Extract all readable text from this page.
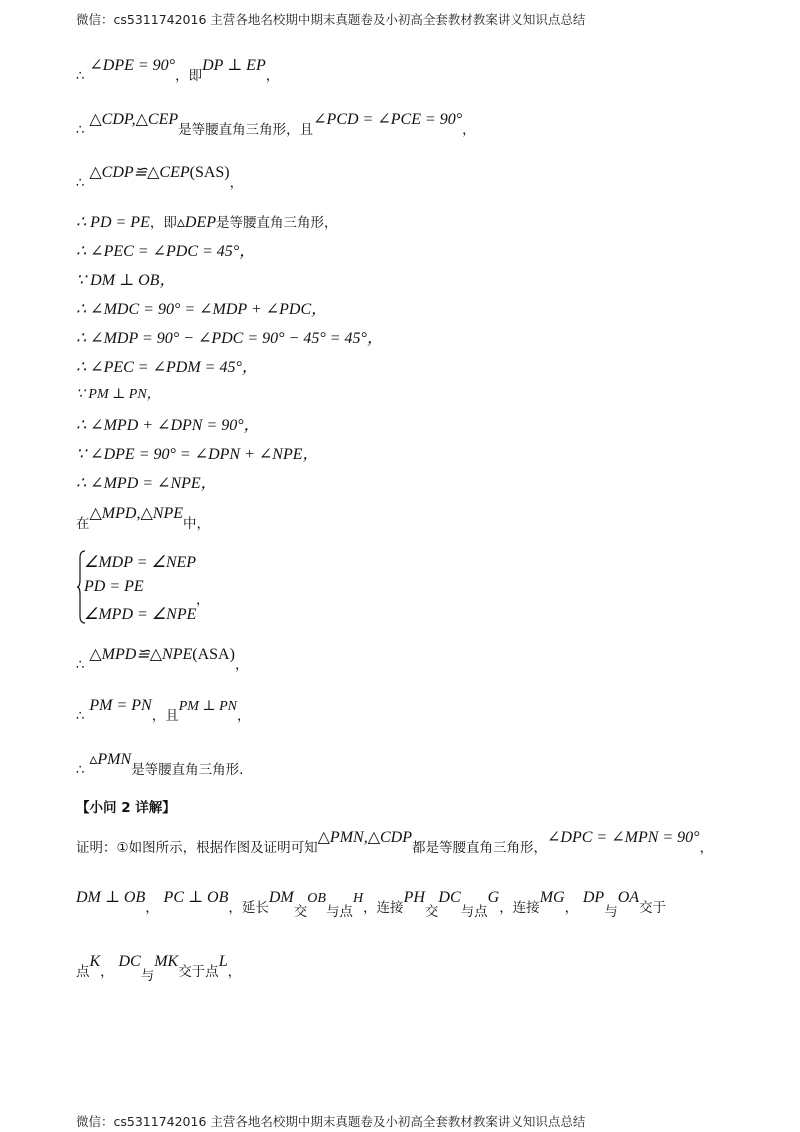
微信：cs5311742016 主营各地名校期中期末真题卷及小初高全套教材教案讲义知识点总结
∴ ∠DPE = 90°，即DP ⊥ EP，
∴ △CDP,△CEP是等腰直角三角形，且∠PCD = ∠PCE = 90°，
∴ △CDP≌△CEP(SAS)，
∴ PD = PE，即▵DEP是等腰直角三角形，
∴ ∠PEC = ∠PDC = 45°，
∵ DM ⊥ OB，
∴ ∠MDC = 90° = ∠MDP + ∠PDC，
∴ ∠MDP = 90° − ∠PDC = 90° − 45° = 45°，
∴ ∠PEC = ∠PDM = 45°，
∵ PM ⊥ PN，
∴ ∠MPD + ∠DPN = 90°，
∵ ∠DPE = 90° = ∠DPN + ∠NPE，
∴ ∠MPD = ∠NPE，
在△MPD,△NPE中，
∠MDP = ∠NEP
PD = PE
∠MPD = ∠NPE
，
∴ △MPD≌△NPE(ASA)，
∴ PM = PN，且PM ⊥ PN，
∴ ▵PMN是等腰直角三角形.
【小问 2 详解】
证明：①如图所示，根据作图及证明可知△PMN,△CDP都是等腰直角三角形，∠DPC = ∠MPN = 90°，
DM ⊥ OB， PC ⊥ OB，延长DM交OB与点H，连接PH交DC与点G，连接MG， DP与OA交于
点K， DC与MK交于点L，
微信：cs5311742016 主营各地名校期中期末真题卷及小初高全套教材教案讲义知识点总结
